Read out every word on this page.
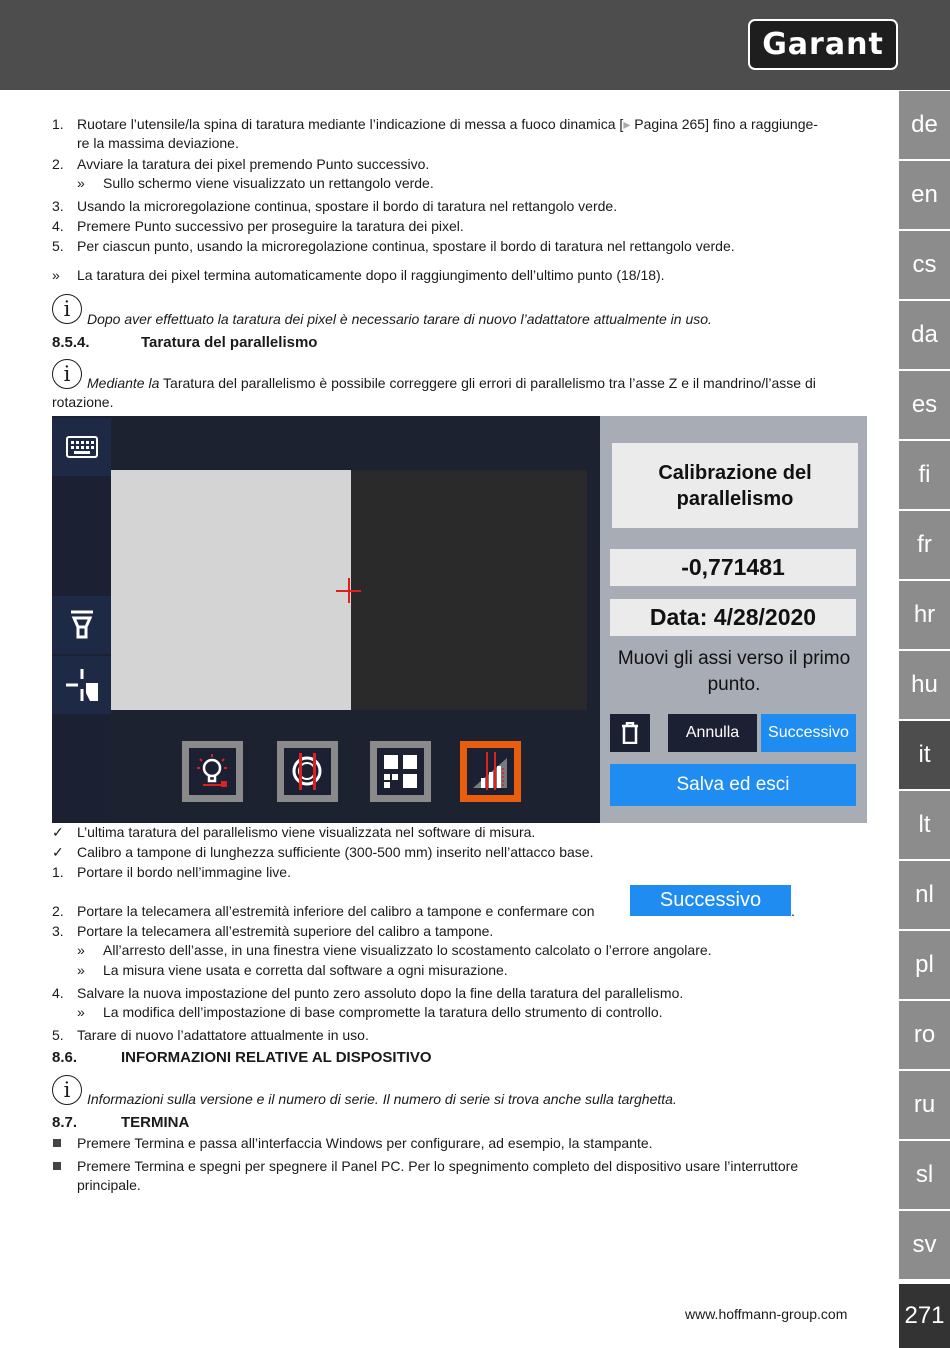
Garant
de
en
cs
da
es
fi
fr
hr
hu
it
lt
nl
pl
ro
ru
sl
sv
271
1. Ruotare l’utensile/la spina di taratura mediante l’indicazione di messa a fuoco dinamica [▸ Pagina 265] fino a raggiunge-
re la massima deviazione.
2. Avviare la taratura dei pixel premendo Punto successivo.
» Sullo schermo viene visualizzato un rettangolo verde.
3. Usando la microregolazione continua, spostare il bordo di taratura nel rettangolo verde.
4. Premere Punto successivo per proseguire la taratura dei pixel.
5. Per ciascun punto, usando la microregolazione continua, spostare il bordo di taratura nel rettangolo verde.
» La taratura dei pixel termina automaticamente dopo il raggiungimento dell’ultimo punto (18/18).
i	Dopo aver effettuato la taratura dei pixel è necessario tarare di nuovo l’adattatore attualmente in uso.
8.5.4.	Taratura del parallelismo
i	Mediante la Taratura del parallelismo è possibile correggere gli errori di parallelismo tra l’asse Z e il mandrino/l’asse di
rotazione.
Calibrazione del parallelismo
-0,771481
Data:
4/28/2020
Muovi gli assi verso il primo punto.
Annulla	Successivo
Salva ed esci
✓ L’ultima taratura del parallelismo viene visualizzata nel software di misura.
✓ Calibro a tampone di lunghezza sufficiente (300-500 mm) inserito nell’attacco base.
1. Portare il bordo nell’immagine live.
2. Portare la telecamera all’estremità inferiore del calibro a tampone e confermare con	Successivo	.
3. Portare la telecamera all’estremità superiore del calibro a tampone.
» All’arresto dell’asse, in una finestra viene visualizzato lo scostamento calcolato o l’errore angolare.
» La misura viene usata e corretta dal software a ogni misurazione.
4. Salvare la nuova impostazione del punto zero assoluto dopo la fine della taratura del parallelismo.
» La modifica dell’impostazione di base compromette la taratura dello strumento di controllo.
5. Tarare di nuovo l’adattatore attualmente in uso.
8.6.	INFORMAZIONI RELATIVE AL DISPOSITIVO
i	Informazioni sulla versione e il numero di serie. Il numero di serie si trova anche sulla targhetta.
8.7.	TERMINA
Premere Termina e passa all’interfaccia Windows per configurare, ad esempio, la stampante.
Premere Termina e spegni per spegnere il Panel PC. Per lo spegnimento completo del dispositivo usare l’interruttore
principale.
www.hoffmann-group.com
